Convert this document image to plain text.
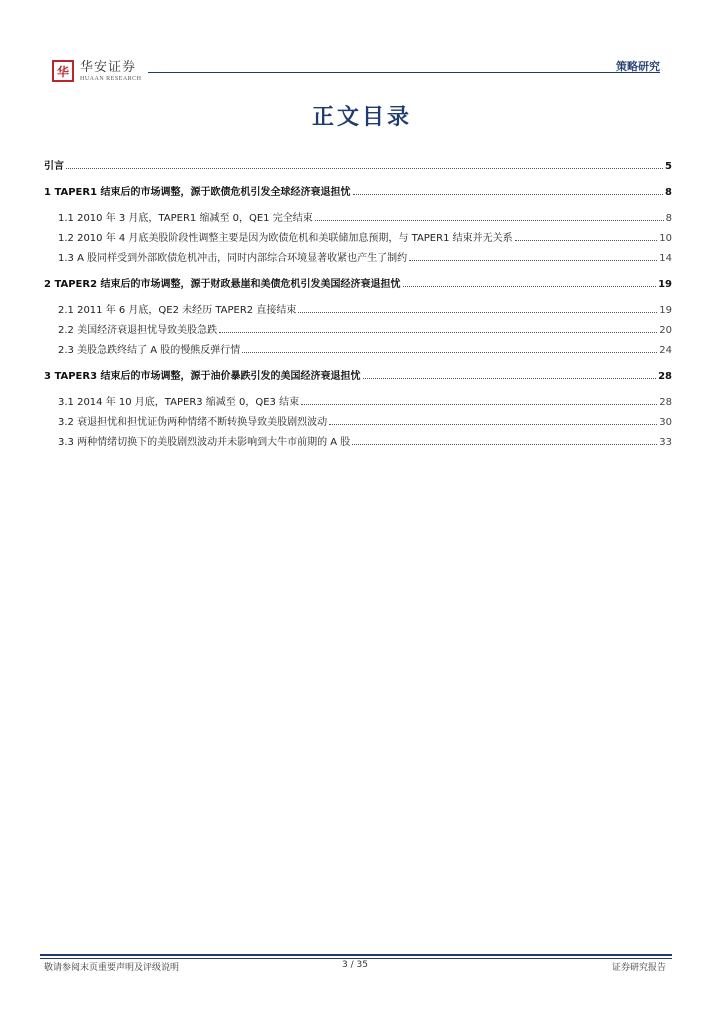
华 华安证券
HUAAN RESEARCH
策略研究
正文目录
引言	5
1 TAPER1 结束后的市场调整，源于欧债危机引发全球经济衰退担忧	8
1.1 2010 年 3 月底，TAPER1 缩减至 0，QE1 完全结束	8
1.2 2010 年 4 月底美股阶段性调整主要是因为欧债危机和美联储加息预期，与 TAPER1 结束并无关系	10
1.3 A 股同样受到外部欧债危机冲击，同时内部综合环境显著收紧也产生了制约	14
2 TAPER2 结束后的市场调整，源于财政悬崖和美债危机引发美国经济衰退担忧	19
2.1 2011 年 6 月底，QE2 未经历 TAPER2 直接结束	19
2.2 美国经济衰退担忧导致美股急跌	20
2.3 美股急跌终结了 A 股的慢熊反弹行情	24
3 TAPER3 结束后的市场调整，源于油价暴跌引发的美国经济衰退担忧	28
3.1 2014 年 10 月底，TAPER3 缩减至 0，QE3 结束	28
3.2 衰退担忧和担忧证伪两种情绪不断转换导致美股剧烈波动	30
3.3 两种情绪切换下的美股剧烈波动并未影响到大牛市前期的 A 股	33
敬请参阅末页重要声明及评级说明	3 / 35	证券研究报告
